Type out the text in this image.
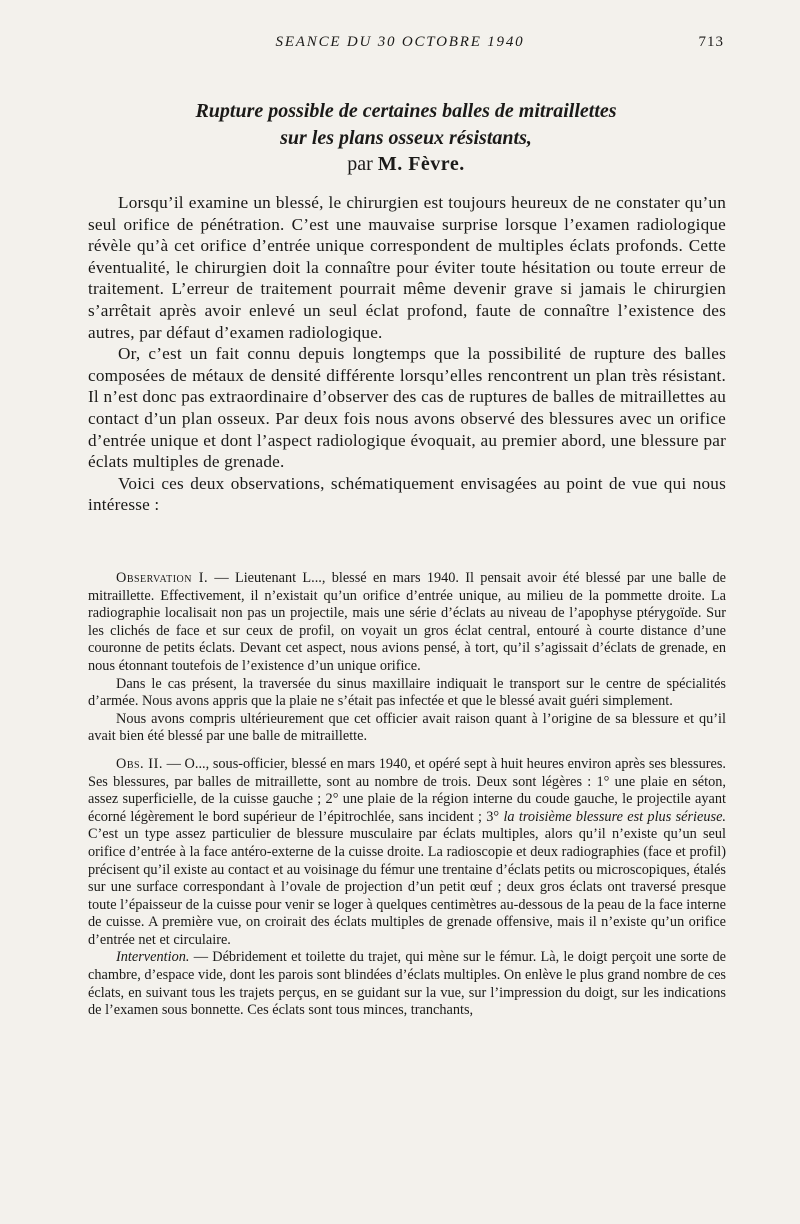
SEANCE DU 30 OCTOBRE 1940	713
Rupture possible de certaines balles de mitraillettes
sur les plans osseux résistants,
par M. Fèvre.

Lorsqu’il examine un blessé, le chirurgien est toujours heureux de ne constater qu’un seul orifice de pénétration. C’est une mauvaise surprise lorsque l’examen radiologique révèle qu’à cet orifice d’entrée unique correspondent de multiples éclats profonds. Cette éventualité, le chirurgien doit la connaître pour éviter toute hésitation ou toute erreur de traitement. L’erreur de traitement pourrait même devenir grave si jamais le chirurgien s’arrêtait après avoir enlevé un seul éclat profond, faute de connaître l’existence des autres, par défaut d’examen radiologique.

Or, c’est un fait connu depuis longtemps que la possibilité de rupture des balles composées de métaux de densité différente lorsqu’elles rencontrent un plan très résistant. Il n’est donc pas extraordinaire d’observer des cas de ruptures de balles de mitraillettes au contact d’un plan osseux. Par deux fois nous avons observé des blessures avec un orifice d’entrée unique et dont l’aspect radiologique évoquait, au premier abord, une blessure par éclats multiples de grenade.

Voici ces deux observations, schématiquement envisagées au point de vue qui nous intéresse :

Observation I. — Lieutenant L..., blessé en mars 1940. Il pensait avoir été blessé par une balle de mitraillette. Effectivement, il n’existait qu’un orifice d’entrée unique, au milieu de la pommette droite. La radiographie localisait non pas un projectile, mais une série d’éclats au niveau de l’apophyse ptérygoïde. Sur les clichés de face et sur ceux de profil, on voyait un gros éclat central, entouré à courte distance d’une couronne de petits éclats. Devant cet aspect, nous avions pensé, à tort, qu’il s’agissait d’éclats de grenade, en nous étonnant toutefois de l’existence d’un unique orifice.

Dans le cas présent, la traversée du sinus maxillaire indiquait le transport sur le centre de spécialités d’armée. Nous avons appris que la plaie ne s’était pas infectée et que le blessé avait guéri simplement.

Nous avons compris ultérieurement que cet officier avait raison quant à l’origine de sa blessure et qu’il avait bien été blessé par une balle de mitraillette.

Obs. II. — O..., sous-officier, blessé en mars 1940, et opéré sept à huit heures environ après ses blessures. Ses blessures, par balles de mitraillette, sont au nombre de trois. Deux sont légères : 1° une plaie en séton, assez superficielle, de la cuisse gauche ; 2° une plaie de la région interne du coude gauche, le projectile ayant écorné légèrement le bord supérieur de l’épitrochlée, sans incident ; 3° la troisième blessure est plus sérieuse. C’est un type assez particulier de blessure musculaire par éclats multiples, alors qu’il n’existe qu’un seul orifice d’entrée à la face antéro-externe de la cuisse droite. La radioscopie et deux radiographies (face et profil) précisent qu’il existe au contact et au voisinage du fémur une trentaine d’éclats petits ou microscopiques, étalés sur une surface correspondant à l’ovale de projection d’un petit œuf ; deux gros éclats ont traversé presque toute l’épaisseur de la cuisse pour venir se loger à quelques centimètres au-dessous de la peau de la face interne de cuisse. A première vue, on croirait des éclats multiples de grenade offensive, mais il n’existe qu’un orifice d’entrée net et circulaire.

Intervention. — Débridement et toilette du trajet, qui mène sur le fémur. Là, le doigt perçoit une sorte de chambre, d’espace vide, dont les parois sont blindées d’éclats multiples. On enlève le plus grand nombre de ces éclats, en suivant tous les trajets perçus, en se guidant sur la vue, sur l’impression du doigt, sur les indications de l’examen sous bonnette. Ces éclats sont tous minces, tranchants,
